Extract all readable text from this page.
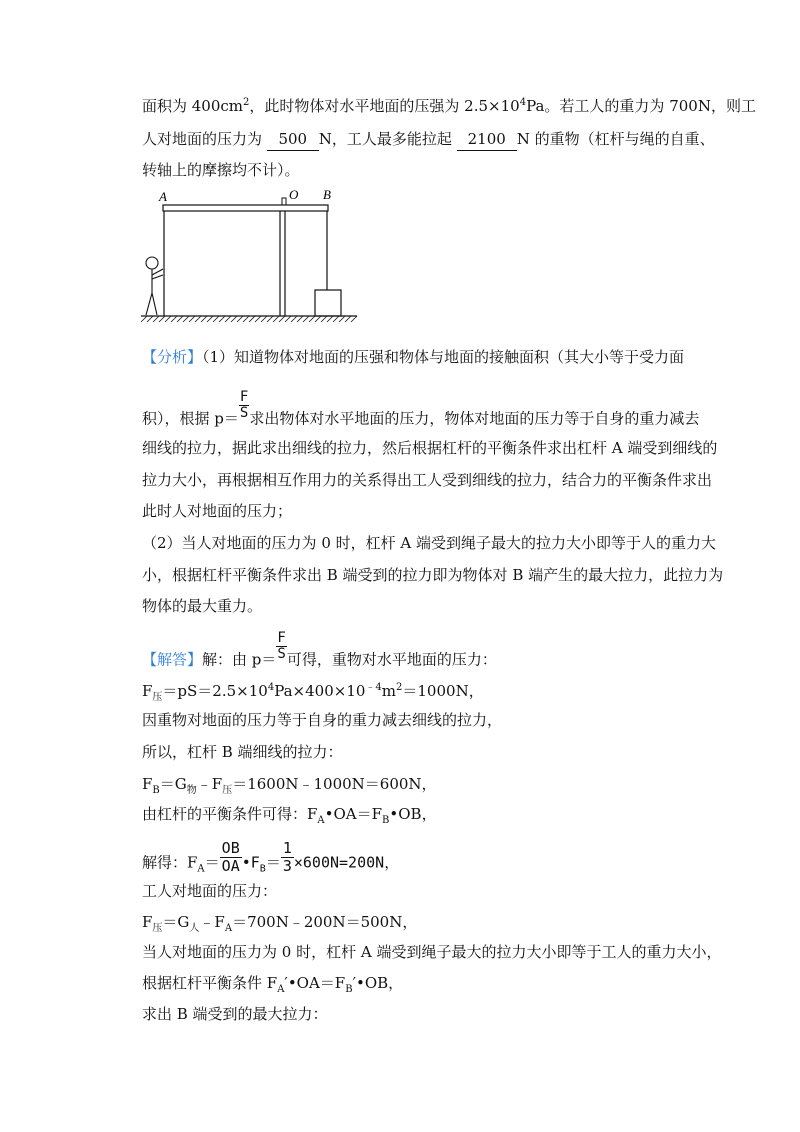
面积为 $400cm^2$，此时物体对水平地面的压强为 $2.5\times 10^4Pa$。若工人的重力为 700N，则工
人对地面的压力为 500 N，工人最多能拉起 2100 N 的重物（杠杆与绳的自重、
转轴上的摩擦均不计）。
A	O B
【分析】（1）知道物体对地面的压强和物体与地面的接触面积（其大小等于受力面
积），根据 $p= \frac{F}{S}$ 求出物体对水平地面的压力，物体对地面的压力等于自身的重力减去
细线的拉力，据此求出细线的拉力，然后根据杠杆的平衡条件求出杠杆 A 端受到细线的
拉力大小，再根据相互作用力的关系得出工人受到细线的拉力，结合力的平衡条件求出
此时人对地面的压力；
（2）当人对地面的压力为 0 时，杠杆 A 端受到绳子最大的拉力大小即等于人的重力大
小，根据杠杆平衡条件求出 B 端受到的拉力即为物体对 B 端产生的最大拉力，此拉力为
物体的最大重力。
【解答】解：由 $p= \frac{F}{S}$ 可得，重物对水平地面的压力：
$F_压=pS=2.5\times 10^4Pa\times 400\times 10^{﹣4}m^2=1000N$，
因重物对地面的压力等于自身的重力减去细线的拉力，
所以，杠杆 B 端细线的拉力：
$F_B=G_物﹣F_压=1600N﹣1000N=600N$，
由杠杆的平衡条件可得：$F_A•OA=F_B•OB$，
解得：$F_A= \frac{OB}{OA}$ $•F_B= \frac{1}{3} \times 600N=200N$，
工人对地面的压力：
$F_压=G_人﹣F_A=700N﹣200N=500N$，
当人对地面的压力为 0 时，杠杆 A 端受到绳子最大的拉力大小即等于工人的重力大小，
根据杠杆平衡条件 $F_A'•OA=F_B'•OB$，
求出 B 端受到的最大拉力：
